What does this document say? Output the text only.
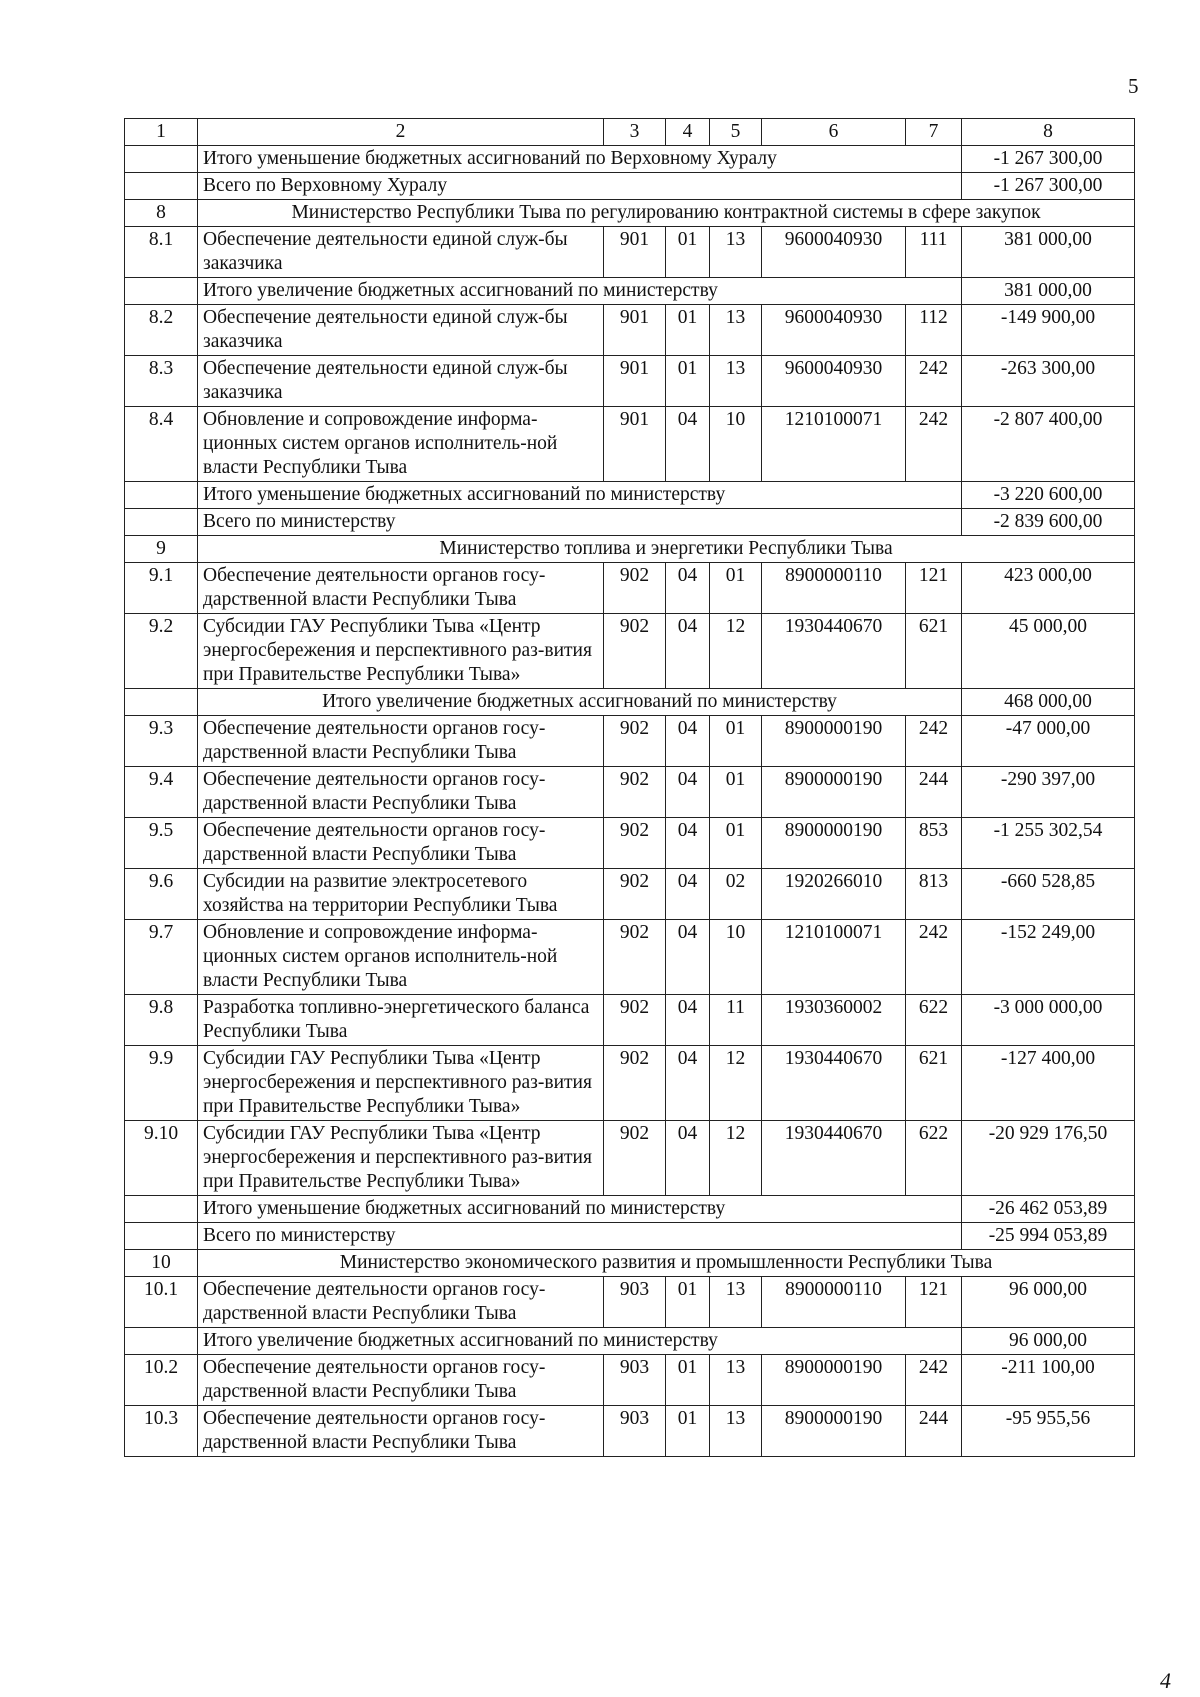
5
1	2	3	4	5	6	7	8
	Итого уменьшение бюджетных ассигнований по Верховному Хуралу						-1 267 300,00
	Всего по Верховному Хуралу						-1 267 300,00
8	Министерство Республики Тыва по регулированию контрактной системы в сфере закупок						
8.1	Обеспечение деятельности единой служ-бы заказчика	901	01	13	9600040930	111	381 000,00
	Итого увеличение бюджетных ассигнований по министерству						381 000,00
8.2	Обеспечение деятельности единой служ-бы заказчика	901	01	13	9600040930	112	-149 900,00
8.3	Обеспечение деятельности единой служ-бы заказчика	901	01	13	9600040930	242	-263 300,00
8.4	Обновление и сопровождение информа-ционных систем органов исполнитель-ной власти Республики Тыва	901	04	10	1210100071	242	-2 807 400,00
	Итого уменьшение бюджетных ассигнований по министерству						-3 220 600,00
	Всего по министерству						-2 839 600,00
9	Министерство топлива и энергетики Республики Тыва						
9.1	Обеспечение деятельности органов госу-дарственной власти Республики Тыва	902	04	01	8900000110	121	423 000,00
9.2	Субсидии ГАУ Республики Тыва «Центр энергосбережения и перспективного раз-вития при Правительстве Республики Тыва»	902	04	12	1930440670	621	45 000,00
	Итого увеличение бюджетных ассигнований по министерству						468 000,00
9.3	Обеспечение деятельности органов госу-дарственной власти Республики Тыва	902	04	01	8900000190	242	-47 000,00
9.4	Обеспечение деятельности органов госу-дарственной власти Республики Тыва	902	04	01	8900000190	244	-290 397,00
9.5	Обеспечение деятельности органов госу-дарственной власти Республики Тыва	902	04	01	8900000190	853	-1 255 302,54
9.6	Субсидии на развитие электросетевого хозяйства на территории Республики Тыва	902	04	02	1920266010	813	-660 528,85
9.7	Обновление и сопровождение информа-ционных систем органов исполнитель-ной власти Республики Тыва	902	04	10	1210100071	242	-152 249,00
9.8	Разработка топливно-энергетического баланса Республики Тыва	902	04	11	1930360002	622	-3 000 000,00
9.9	Субсидии ГАУ Республики Тыва «Центр энергосбережения и перспективного раз-вития при Правительстве Республики Тыва»	902	04	12	1930440670	621	-127 400,00
9.10	Субсидии ГАУ Республики Тыва «Центр энергосбережения и перспективного раз-вития при Правительстве Республики Тыва»	902	04	12	1930440670	622	-20 929 176,50
	Итого уменьшение бюджетных ассигнований по министерству						-26 462 053,89
	Всего по министерству						-25 994 053,89
10	Министерство экономического развития и промышленности Республики Тыва						
10.1	Обеспечение деятельности органов госу-дарственной власти Республики Тыва	903	01	13	8900000110	121	96 000,00
	Итого увеличение бюджетных ассигнований по министерству						96 000,00
10.2	Обеспечение деятельности органов госу-дарственной власти Республики Тыва	903	01	13	8900000190	242	-211 100,00
10.3	Обеспечение деятельности органов госу-дарственной власти Республики Тыва	903	01	13	8900000190	244	-95 955,56
4
